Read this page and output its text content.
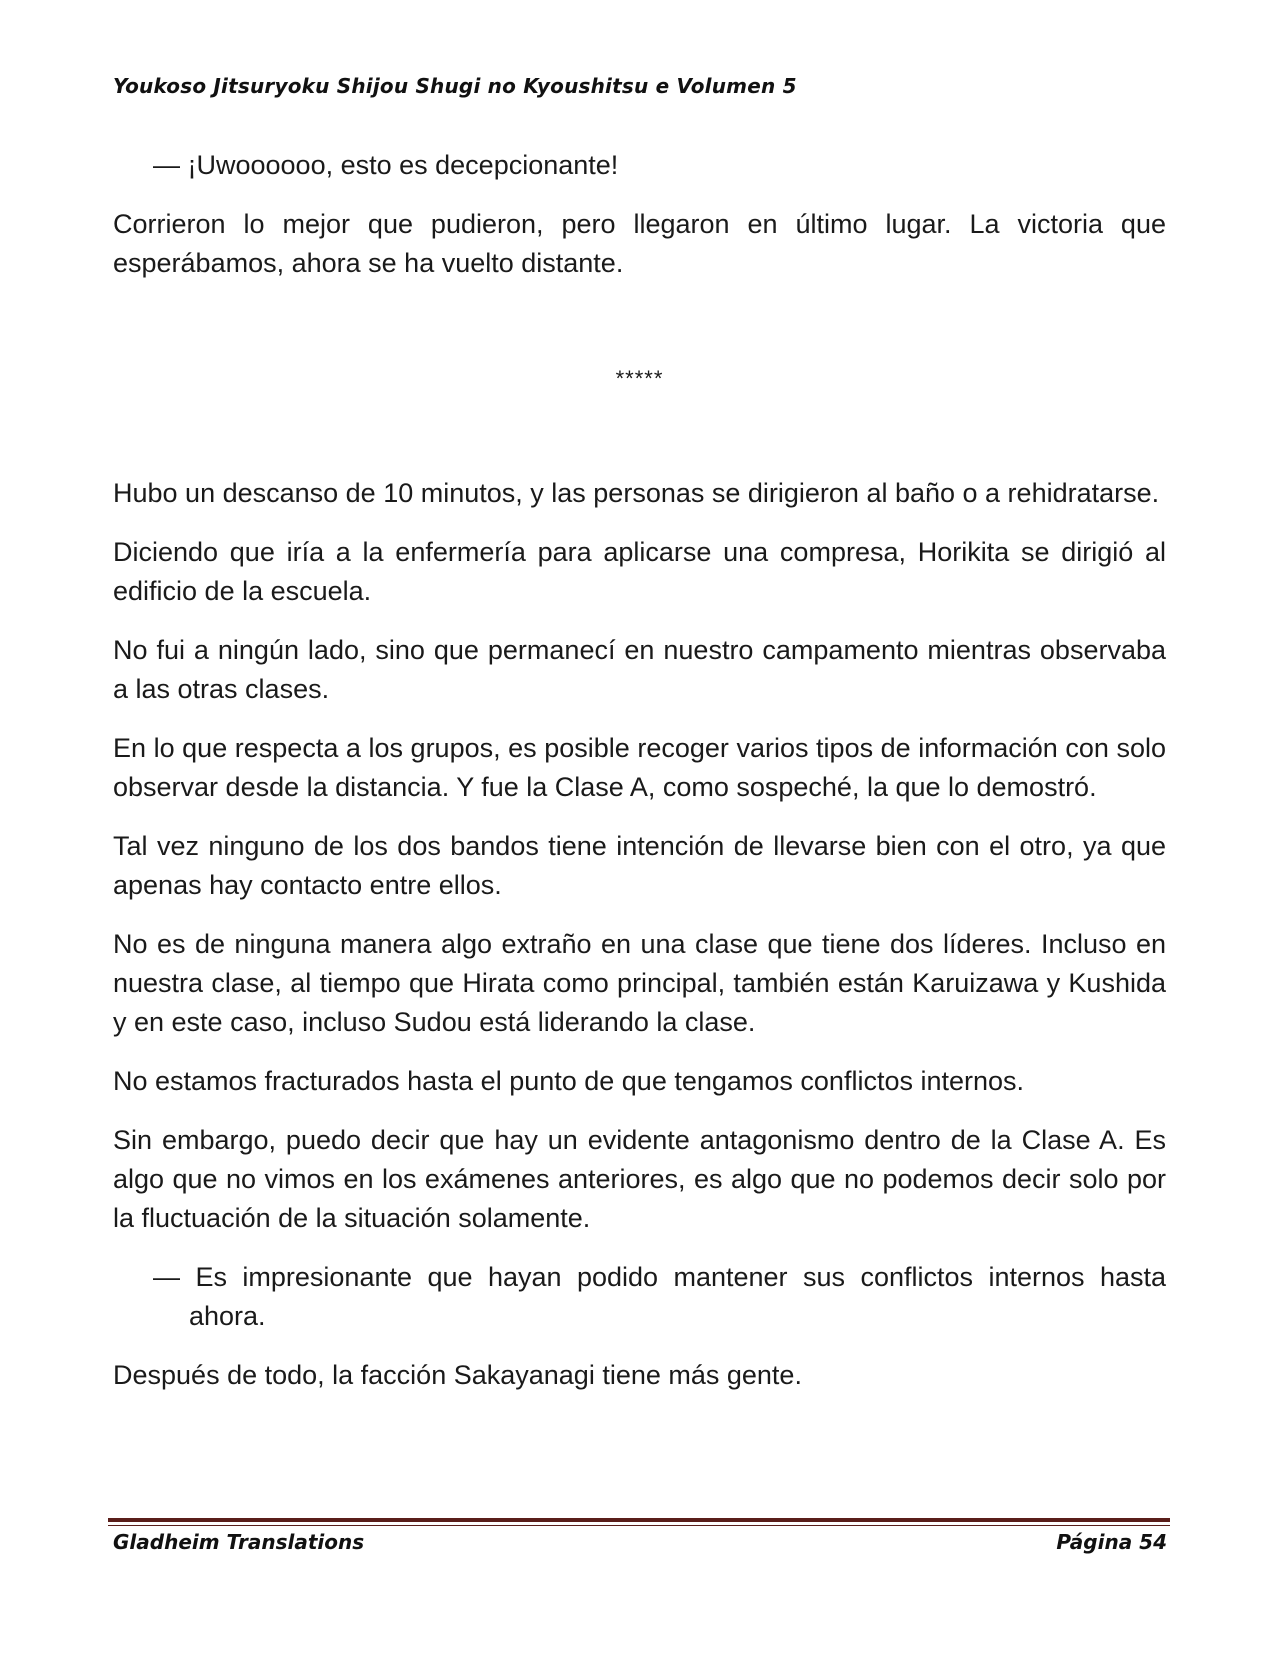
Youkoso Jitsuryoku Shijou Shugi no Kyoushitsu e Volumen 5

— ¡Uwoooooo, esto es decepcionante!

Corrieron lo mejor que pudieron, pero llegaron en último lugar. La victoria que esperábamos, ahora se ha vuelto distante.

*****

Hubo un descanso de 10 minutos, y las personas se dirigieron al baño o a rehidratarse.

Diciendo que iría a la enfermería para aplicarse una compresa, Horikita se dirigió al edificio de la escuela.

No fui a ningún lado, sino que permanecí en nuestro campamento mientras observaba a las otras clases.

En lo que respecta a los grupos, es posible recoger varios tipos de información con solo observar desde la distancia. Y fue la Clase A, como sospeché, la que lo demostró.

Tal vez ninguno de los dos bandos tiene intención de llevarse bien con el otro, ya que apenas hay contacto entre ellos.

No es de ninguna manera algo extraño en una clase que tiene dos líderes. Incluso en nuestra clase, al tiempo que Hirata como principal, también están Karuizawa y Kushida y en este caso, incluso Sudou está liderando la clase.

No estamos fracturados hasta el punto de que tengamos conflictos internos.

Sin embargo, puedo decir que hay un evidente antagonismo dentro de la Clase A. Es algo que no vimos en los exámenes anteriores, es algo que no podemos decir solo por la fluctuación de la situación solamente.

— Es impresionante que hayan podido mantener sus conflictos internos hasta ahora.

Después de todo, la facción Sakayanagi tiene más gente.

Gladheim Translations	Página 54
